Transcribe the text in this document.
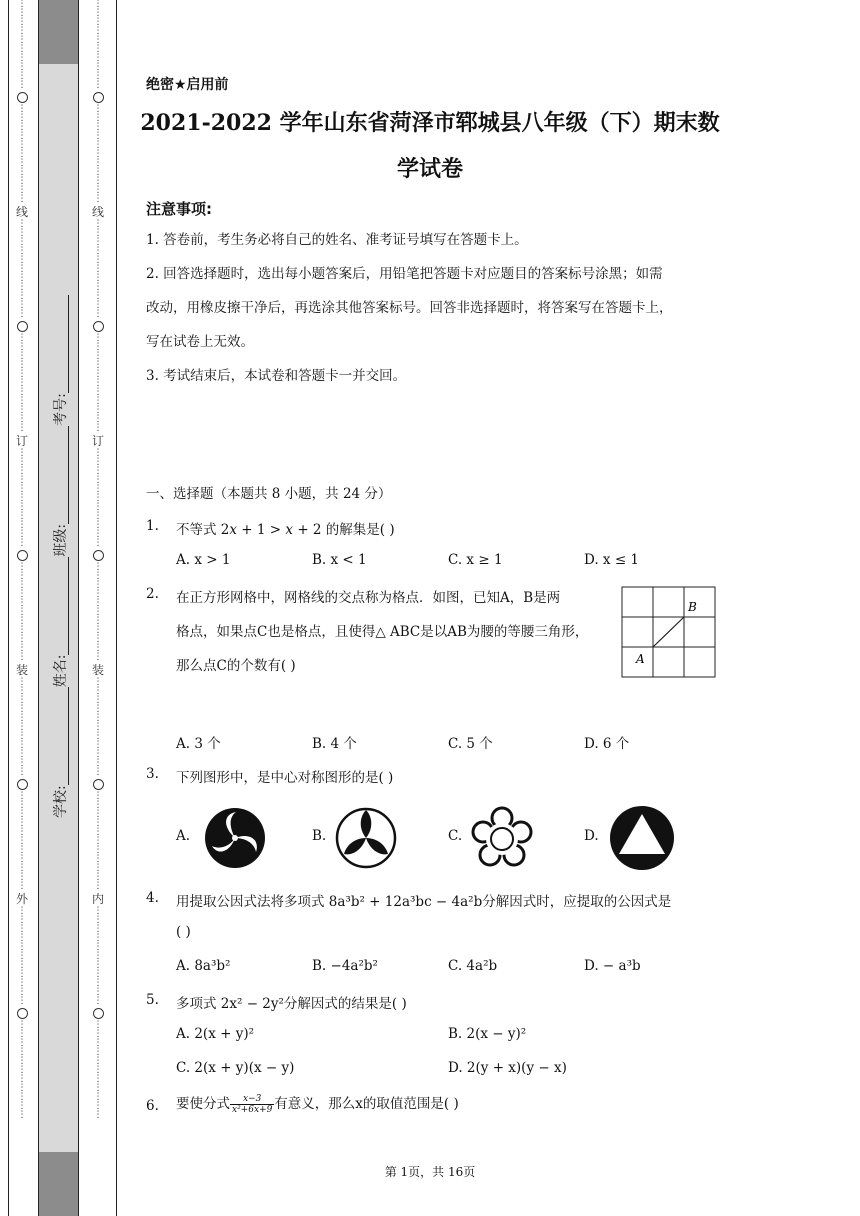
⋮
⋮
⋮
⋮
⋮
⋮
⋮
⋮
⋮
⋮
⋮
⋮
⋮
⋮
⋮
⋮
⋮
⋮
⋮
⋮
⋮
线
⋮
⋮
⋮
⋮
⋮
⋮
⋮
⋮
⋮
⋮
⋮
⋮
⋮
⋮
⋮
⋮
⋮
⋮
⋮
⋮
⋮
⋮
订
⋮
⋮
⋮
⋮
⋮
⋮
⋮
⋮
⋮
⋮
⋮
⋮
⋮
⋮
⋮
⋮
⋮
⋮
⋮
⋮
⋮
⋮
装
⋮
⋮
⋮
⋮
⋮
⋮
⋮
⋮
⋮
⋮
⋮
⋮
⋮
⋮
⋮
⋮
⋮
⋮
⋮
⋮
⋮
⋮
外
⋮
⋮
⋮
⋮
⋮
⋮
⋮
⋮
⋮
⋮
⋮
⋮
⋮
⋮
⋮
⋮
⋮
⋮
⋮
⋮
⋮
⋮
⋮
⋮
⋮
⋮
⋮
⋮
⋮
⋮
⋮
⋮
⋮
⋮
⋮
⋮
⋮
⋮
⋮
⋮
⋮
⋮
⋮
线
⋮
⋮
⋮
⋮
⋮
⋮
⋮
⋮
⋮
⋮
⋮
⋮
⋮
⋮
⋮
⋮
⋮
⋮
⋮
⋮
⋮
⋮
订
⋮
⋮
⋮
⋮
⋮
⋮
⋮
⋮
⋮
⋮
⋮
⋮
⋮
⋮
⋮
⋮
⋮
⋮
⋮
⋮
⋮
⋮
装
⋮
⋮
⋮
⋮
⋮
⋮
⋮
⋮
⋮
⋮
⋮
⋮
⋮
⋮
⋮
⋮
⋮
⋮
⋮
⋮
⋮
⋮
内
⋮
⋮
⋮
⋮
⋮
⋮
⋮
⋮
⋮
⋮
⋮
⋮
⋮
⋮
⋮
⋮
⋮
⋮
⋮
⋮
⋮
⋮
学校:姓名:班级:考号:
绝密★启用前
2021-2022 学年山东省菏泽市郓城县八年级（下）期末数
学试卷
注意事项:
1. 答卷前，考生务必将自己的姓名、准考证号填写在答题卡上。
2. 回答选择题时，选出每小题答案后，用铅笔把答题卡对应题目的答案标号涂黑；如需
改动，用橡皮擦干净后，再选涂其他答案标号。回答非选择题时，将答案写在答题卡上，
写在试卷上无效。
3. 考试结束后，本试卷和答题卡一并交回。
一、选择题（本题共 8 小题，共 24 分）
1. 不等式 2x + 1 > x + 2 的解集是( )
A. x > 1	B. x < 1	C. x ≥ 1	D. x ≤ 1
2. 在正方形网格中，网格线的交点称为格点．如图，已知A，B是两
格点，如果点C也是格点，且使得△ ABC是以AB为腰的等腰三角形，
那么点C的个数有( )
B
A
A. 3 个	B. 4 个	C. 5 个	D. 6 个
3. 下列图形中，是中心对称图形的是( )
A.	B.	C.	D.
4. 用提取公因式法将多项式 8a³b² + 12a³bc − 4a²b分解因式时，应提取的公因式是
( )
A. 8a³b²	B. −4a²b²	C. 4a²b	D. − a³b
5. 多项式 2x² − 2y²分解因式的结果是( )
A. 2(x + y)²	B. 2(x − y)²
C. 2(x + y)(x − y)	D. 2(y + x)(y − x)
6. 要使分式 $\frac{x-3}{\text{x²+6x+9}}$ 有意义，那么x的取值范围是( )
第 1页，共 16页
